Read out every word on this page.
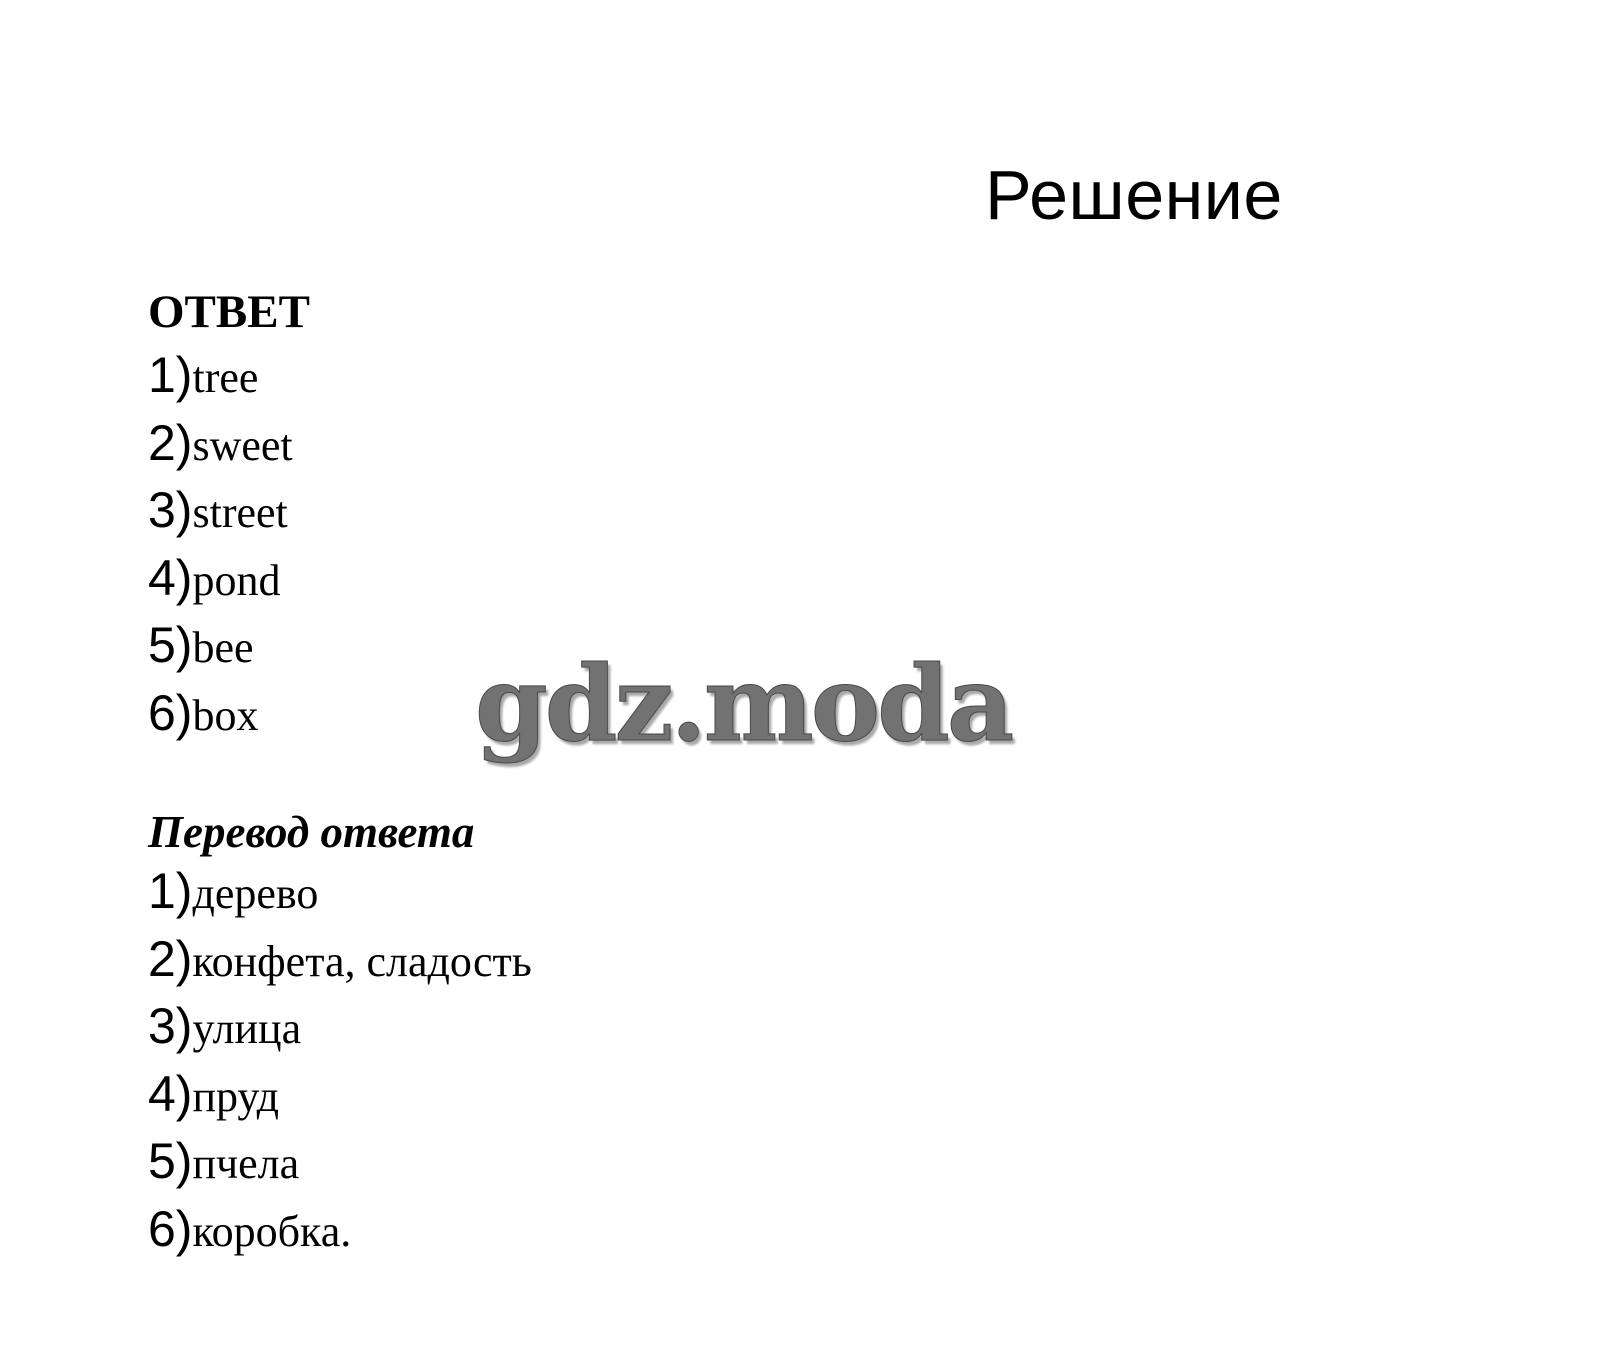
Решение
ОТВЕТ
1)tree
2)sweet
3)street
4)pond
5)bee
6)box	gdz.moda
Перевод ответа
1)дерево
2)конфета, сладость
3)улица
4)пруд
5)пчела
6)коробка.
